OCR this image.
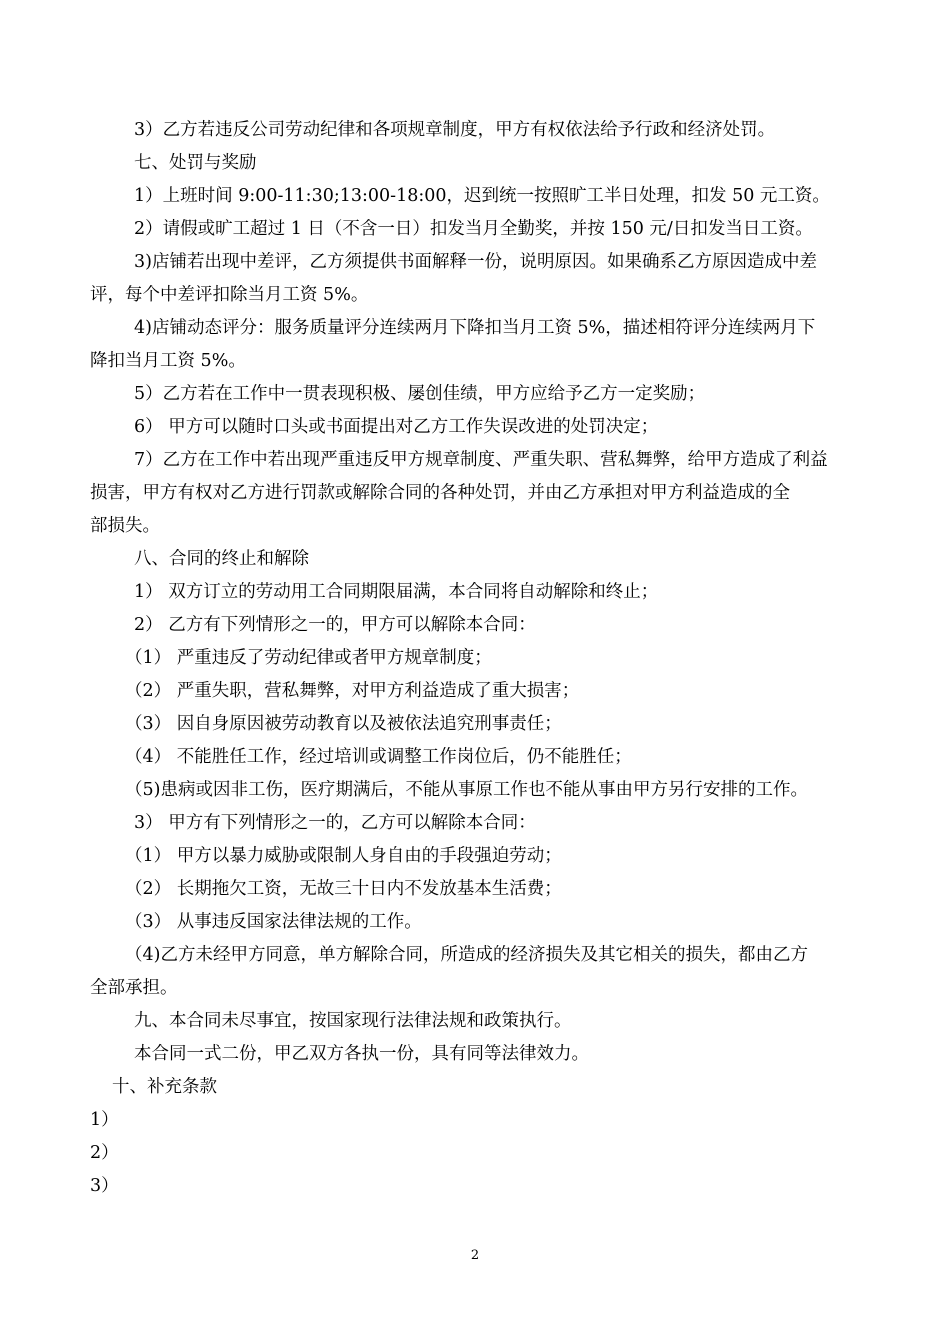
3）乙方若违反公司劳动纪律和各项规章制度，甲方有权依法给予行政和经济处罚。
七、处罚与奖励
1）上班时间 9:00-11:30;13:00-18:00，迟到统一按照旷工半日处理，扣发 50 元工资。
2）请假或旷工超过 1 日（不含一日）扣发当月全勤奖，并按 150 元/日扣发当日工资。
3)店铺若出现中差评，乙方须提供书面解释一份，说明原因。如果确系乙方原因造成中差
评，每个中差评扣除当月工资 5%。
4)店铺动态评分：服务质量评分连续两月下降扣当月工资 5%，描述相符评分连续两月下
降扣当月工资 5%。
5）乙方若在工作中一贯表现积极、屡创佳绩，甲方应给予乙方一定奖励；
6） 甲方可以随时口头或书面提出对乙方工作失误改进的处罚决定；
7）乙方在工作中若出现严重违反甲方规章制度、严重失职、营私舞弊，给甲方造成了利益
损害，甲方有权对乙方进行罚款或解除合同的各种处罚，并由乙方承担对甲方利益造成的全
部损失。
八、合同的终止和解除
1） 双方订立的劳动用工合同期限届满，本合同将自动解除和终止；
2） 乙方有下列情形之一的，甲方可以解除本合同：
（1） 严重违反了劳动纪律或者甲方规章制度；
（2） 严重失职，营私舞弊，对甲方利益造成了重大损害；
（3） 因自身原因被劳动教育以及被依法追究刑事责任；
（4） 不能胜任工作，经过培训或调整工作岗位后，仍不能胜任；
（5)患病或因非工伤，医疗期满后，不能从事原工作也不能从事由甲方另行安排的工作。
3） 甲方有下列情形之一的，乙方可以解除本合同：
（1） 甲方以暴力威胁或限制人身自由的手段强迫劳动；
（2） 长期拖欠工资，无故三十日内不发放基本生活费；
（3） 从事违反国家法律法规的工作。
（4)乙方未经甲方同意，单方解除合同，所造成的经济损失及其它相关的损失，都由乙方
全部承担。
九、本合同未尽事宜，按国家现行法律法规和政策执行。
本合同一式二份，甲乙双方各执一份，具有同等法律效力。
十、补充条款
1）
2）
3）
2
